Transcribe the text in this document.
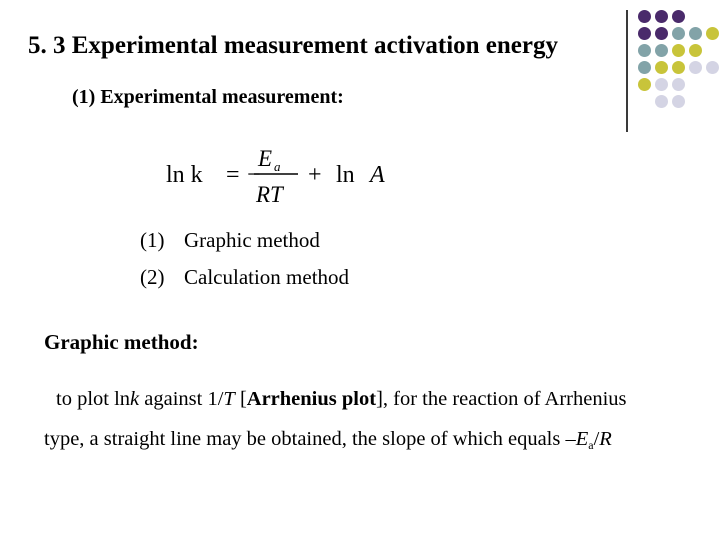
5. 3 Experimental measurement activation energy
(1) Experimental measurement:
ln k = −
E a
RT
+ ln A
(1) Graphic method
(2) Calculation method
Graphic method:
to plot lnk against 1/T [Arrhenius plot], for the reaction of Arrhenius
type, a straight line may be obtained, the slope of which equals $-E_a/R$
